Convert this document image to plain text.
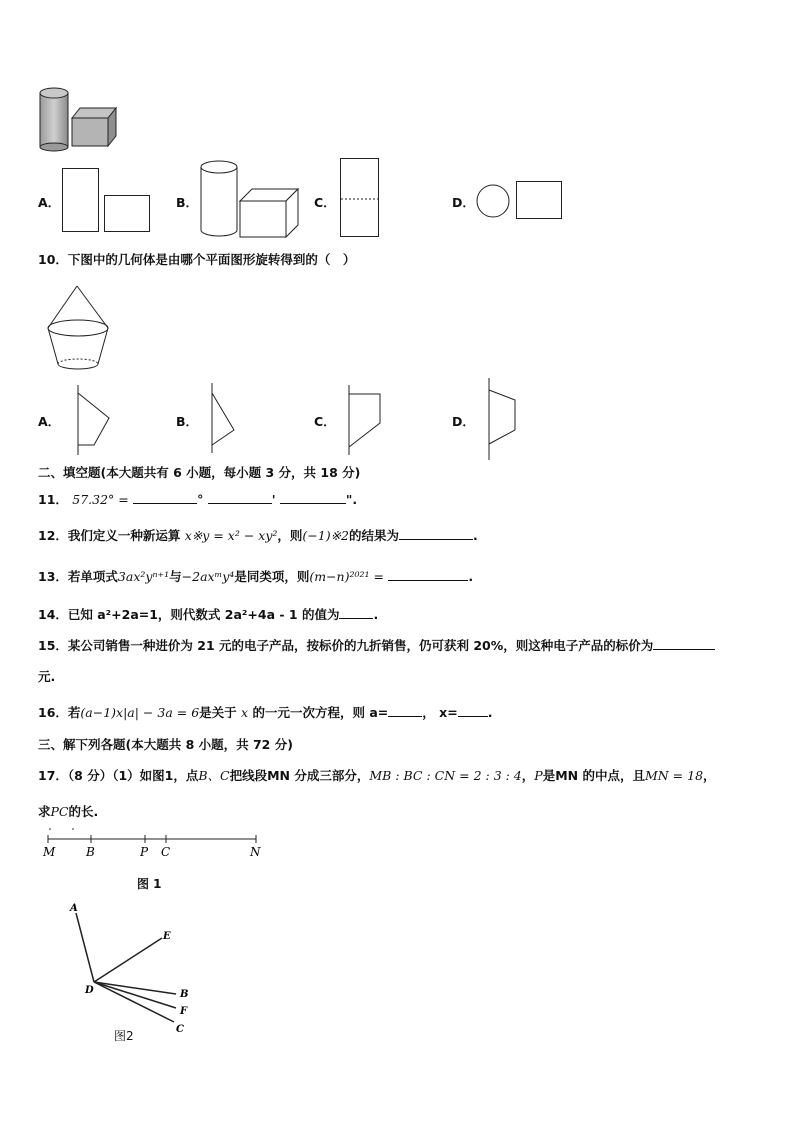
A．	B．	C．	D．
10．下图中的几何体是由哪个平面图形旋转得到的（　）
A．	B．	C．	D．
二、填空题(本大题共有 6 小题，每小题 3 分，共 18 分)
11． 57.32° =	°	'	".
12．我们定义一种新运算 x※y = x² − xy²，则(−1)※2的结果为	.
13．若单项式3ax²yⁿ⁺¹与−2axᵐy⁴是同类项，则(m−n)²⁰²¹ =	.
14．已知 a²+2a=1，则代数式 2a²+4a - 1 的值为	.
15．某公司销售一种进价为 21 元的电子产品，按标价的九折销售，仍可获利 20%，则这种电子产品的标价为
元.
16．若(a−1)x|a| − 3a = 6是关于 x 的一元一次方程，则 a=	， x= .
三、解下列各题(本大题共 8 小题，共 72 分)
17．（8 分）（1）如图1，点B、C把线段MN 分成三部分，MB : BC : CN = 2 : 3 : 4，P是MN 的中点，且MN = 18，
求PC的长.
M	B	P C	N
图 1
A
E
D	B
F
C
图2
